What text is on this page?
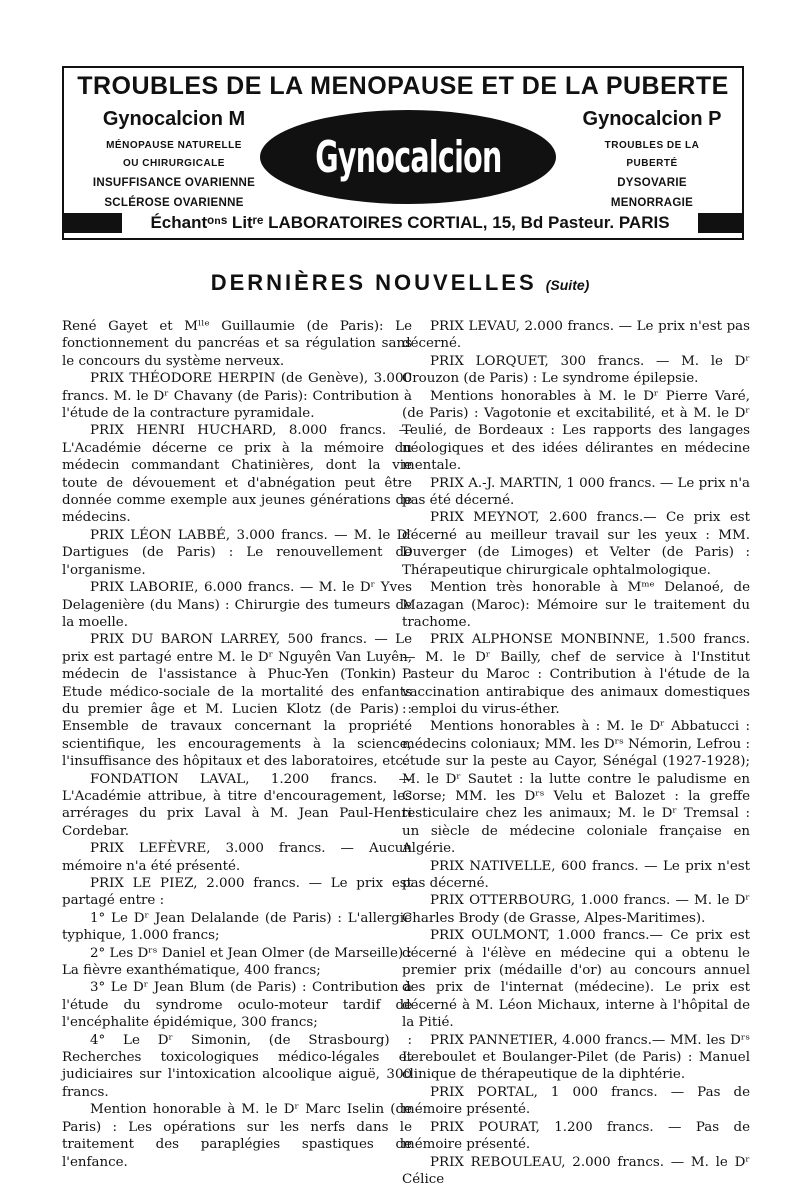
TROUBLES DE LA MENOPAUSE ET DE LA PUBERTE
Gynocalcion M
MÉNOPAUSE NATURELLE
OU CHIRURGICALE
INSUFFISANCE OVARIENNE
SCLÉROSE OVARIENNE
Gynocalcion
Gynocalcion P
TROUBLES DE LA
PUBERTÉ
DYSOVARIE
MENORRAGIE
Échantᵒⁿˢ Litʳᵉ LABORATOIRES CORTIAL, 15, Bd Pasteur. PARIS
DERNIÈRES NOUVELLES (Suite)

René Gayet et Mˡˡᵉ Guillaumie (de Paris): Le fonctionnement du pancréas et sa régulation sans le concours du système nerveux.

PRIX THÉODORE HERPIN (de Genève), 3.000 francs. M. le Dʳ Chavany (de Paris): Contribution à l'étude de la contracture pyramidale.

PRIX HENRI HUCHARD, 8.000 francs. — L'Académie décerne ce prix à la mémoire du médecin commandant Chatinières, dont la vie toute de dévouement et d'abnégation peut être donnée comme exemple aux jeunes générations de médecins.

PRIX LÉON LABBÉ, 3.000 francs. — M. le Dʳ Dartigues (de Paris) : Le renouvellement de l'organisme.

PRIX LABORIE, 6.000 francs. — M. le Dʳ Yves Delagenière (du Mans) : Chirurgie des tumeurs de la moelle.

PRIX DU BARON LARREY, 500 francs. — Le prix est partagé entre M. le Dʳ Nguyên Van Luyên, médecin de l'assistance à Phuc-Yen (Tonkin) : Etude médico-sociale de la mortalité des enfants du premier âge et M. Lucien Klotz (de Paris) : Ensemble de travaux concernant la propriété scientifique, les encouragements à la science, l'insuffisance des hôpitaux et des laboratoires, etc.

FONDATION LAVAL, 1.200 francs. — L'Académie attribue, à titre d'encouragement, les arrérages du prix Laval à M. Jean Paul-Henri Cordebar.

PRIX LEFÈVRE, 3.000 francs. — Aucun mémoire n'a été présenté.

PRIX LE PIEZ, 2.000 francs. — Le prix est partagé entre :

1° Le Dʳ Jean Delalande (de Paris) : L'allergie typhique, 1.000 francs;

2° Les Dʳˢ Daniel et Jean Olmer (de Marseille) : La fièvre exanthématique, 400 francs;

3° Le Dʳ Jean Blum (de Paris) : Contribution à l'étude du syndrome oculo-moteur tardif de l'encéphalite épidémique, 300 francs;

4° Le Dʳ Simonin, (de Strasbourg) : Recherches toxicologiques médico-légales et judiciaires sur l'intoxication alcoolique aiguë, 300 francs.

Mention honorable à M. le Dʳ Marc Iselin (de Paris) : Les opérations sur les nerfs dans le traitement des paraplégies spastiques de l'enfance.

PRIX LEVAU, 2.000 francs. — Le prix n'est pas décerné.

PRIX LORQUET, 300 francs. — M. le Dʳ Crouzon (de Paris) : Le syndrome épilepsie.

Mentions honorables à M. le Dʳ Pierre Varé, (de Paris) : Vagotonie et excitabilité, et à M. le Dʳ Teulié, de Bordeaux : Les rapports des langages néologiques et des idées délirantes en médecine mentale.

PRIX A.-J. MARTIN, 1 000 francs. — Le prix n'a pas été décerné.

PRIX MEYNOT, 2.600 francs.— Ce prix est décerné au meilleur travail sur les yeux : MM. Duverger (de Limoges) et Velter (de Paris) : Thérapeutique chirurgicale ophtalmologique.

Mention très honorable à Mᵐᵉ Delanoé, de Mazagan (Maroc): Mémoire sur le traitement du trachome.

PRIX ALPHONSE MONBINNE, 1.500 francs. — M. le Dʳ Bailly, chef de service à l'Institut Pasteur du Maroc : Contribution à l'étude de la vaccination antirabique des animaux domestiques : emploi du virus-éther.

Mentions honorables à : M. le Dʳ Abbatucci : médecins coloniaux; MM. les Dʳˢ Némorin, Lefrou : étude sur la peste au Cayor, Sénégal (1927-1928); M. le Dʳ Sautet : la lutte contre le paludisme en Corse; MM. les Dʳˢ Velu et Balozet : la greffe testiculaire chez les animaux; M. le Dʳ Tremsal : un siècle de médecine coloniale française en Algérie.

PRIX NATIVELLE, 600 francs. — Le prix n'est pas décerné.

PRIX OTTERBOURG, 1.000 francs. — M. le Dʳ Charles Brody (de Grasse, Alpes-Maritimes).

PRIX OULMONT, 1.000 francs.— Ce prix est décerné à l'élève en médecine qui a obtenu le premier prix (médaille d'or) au concours annuel des prix de l'internat (médecine). Le prix est décerné à M. Léon Michaux, interne à l'hôpital de la Pitié.

PRIX PANNETIER, 4.000 francs.— MM. les Dʳˢ Lereboulet et Boulanger-Pilet (de Paris) : Manuel clinique de thérapeutique de la diphtérie.

PRIX PORTAL, 1 000 francs. — Pas de mémoire présenté.

PRIX POURAT, 1.200 francs. — Pas de mémoire présenté.

PRIX REBOULEAU, 2.000 francs. — M. le Dʳ Célice
